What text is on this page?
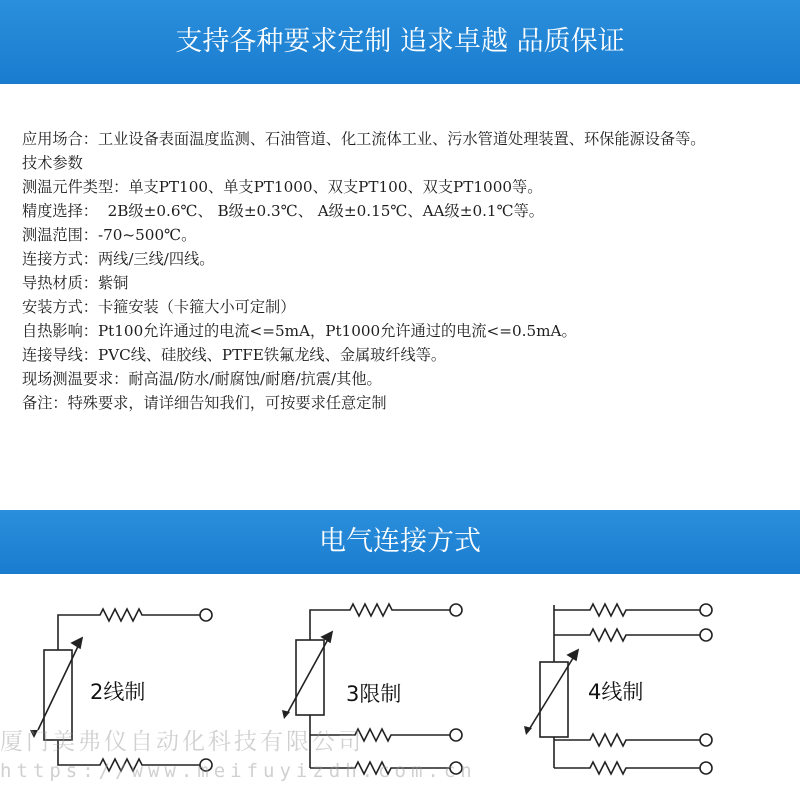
支持各种要求定制 追求卓越 品质保证
应用场合：工业设备表面温度监测、石油管道、化工流体工业、污水管道处理装置、环保能源设备等。
技术参数
测温元件类型：单支PT100、单支PT1000、双支PT100、双支PT1000等。
精度选择：  2B级±0.6℃、 B级±0.3℃、 A级±0.15℃、AA级±0.1℃等。
测温范围：-70~500℃。
连接方式：两线/三线/四线。
导热材质：紫铜
安装方式：卡箍安装（卡箍大小可定制）
自热影响：Pt100允许通过的电流<=5mA，Pt1000允许通过的电流<=0.5mA。
连接导线：PVC线、硅胶线、PTFE铁氟龙线、金属玻纤线等。
现场测温要求：耐高温/防水/耐腐蚀/耐磨/抗震/其他。
备注：特殊要求，请详细告知我们，可按要求任意定制
电气连接方式
2线制	3限制	4线制
厦门美弗仪自动化科技有限公司
https://www.meifuyizdh.com.cn
